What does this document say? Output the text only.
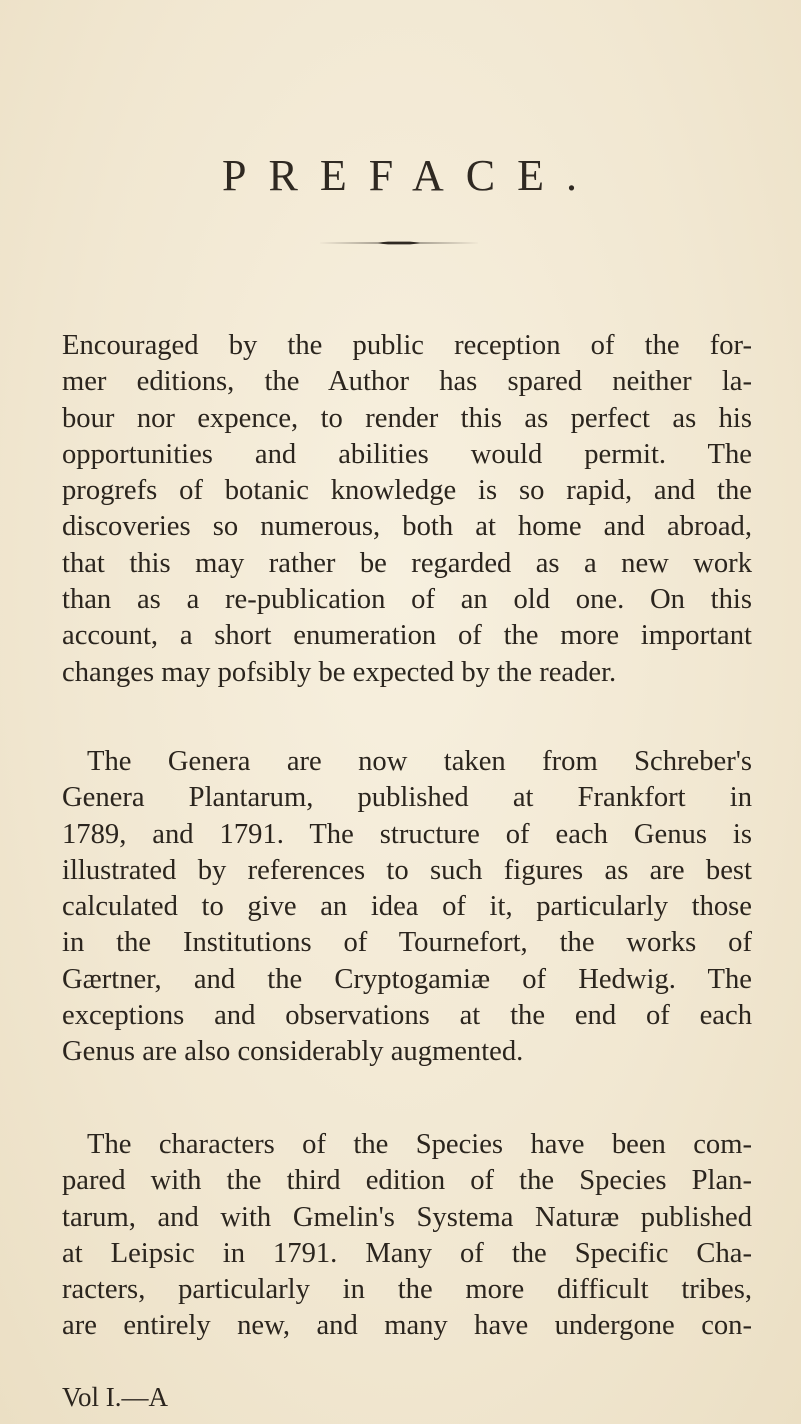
PREFACE.
Encouraged by the public reception of the for-
mer editions, the Author has spared neither la-
bour nor expence, to render this as perfect as his
opportunities and abilities would permit. The
progrefs of botanic knowledge is so rapid, and the
discoveries so numerous, both at home and abroad,
that this may rather be regarded as a new work
than as a re-publication of an old one. On this
account, a short enumeration of the more important
changes may pofsibly be expected by the reader.
The Genera are now taken from Schreber's
Genera Plantarum, published at Frankfort in
1789, and 1791. The structure of each Genus is
illustrated by references to such figures as are best
calculated to give an idea of it, particularly those
in the Institutions of Tournefort, the works of
Gærtner, and the Cryptogamiæ of Hedwig. The
exceptions and observations at the end of each
Genus are also considerably augmented.
The characters of the Species have been com-
pared with the third edition of the Species Plan-
tarum, and with Gmelin's Systema Naturæ published
at Leipsic in 1791. Many of the Specific Cha-
racters, particularly in the more difficult tribes,
are entirely new, and many have undergone con-
Vol I.—A
